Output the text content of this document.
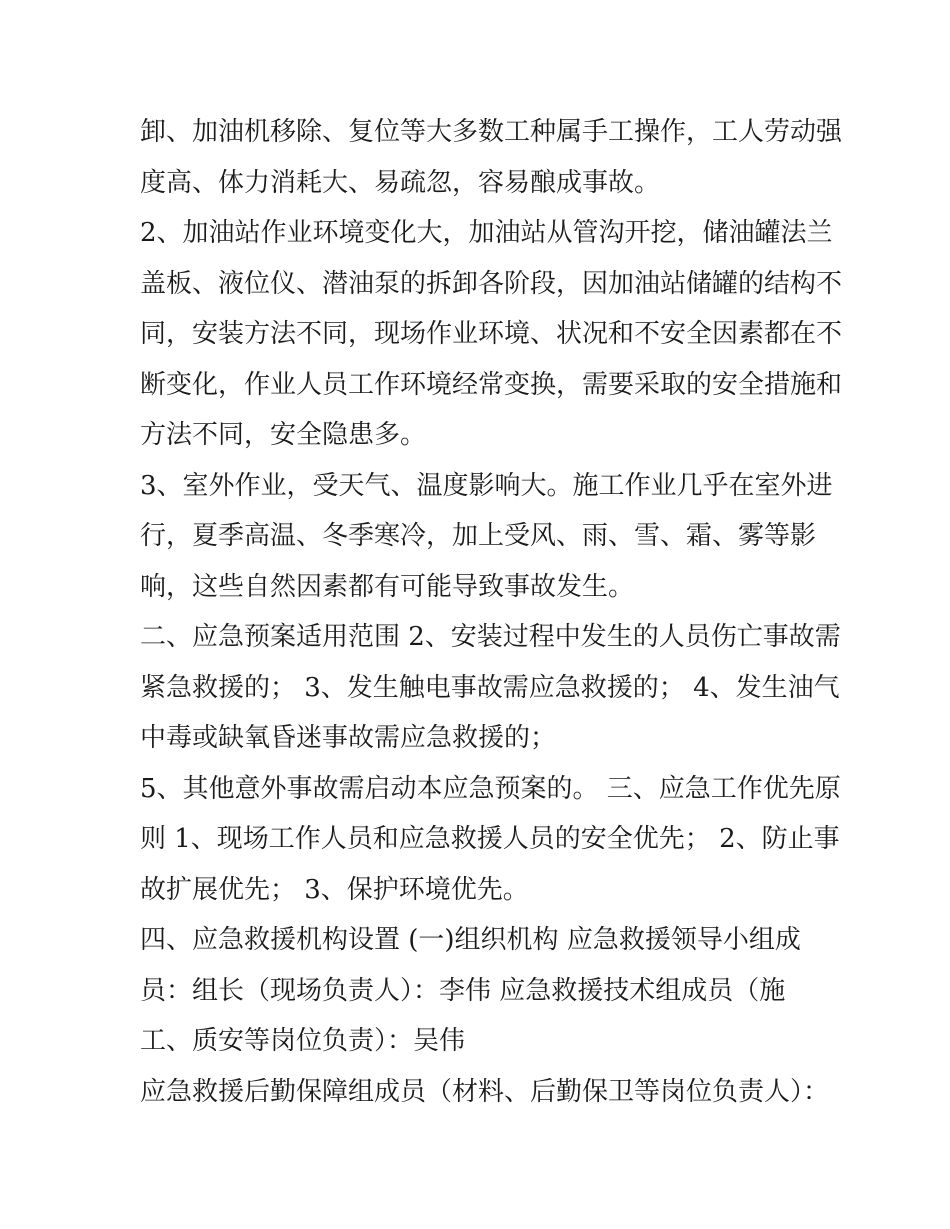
卸、加油机移除、复位等大多数工种属手工操作，工人劳动强
度高、体力消耗大、易疏忽，容易酿成事故。
2、加油站作业环境变化大，加油站从管沟开挖，储油罐法兰
盖板、液位仪、潜油泵的拆卸各阶段，因加油站储罐的结构不
同，安装方法不同，现场作业环境、状况和不安全因素都在不
断变化，作业人员工作环境经常变换，需要采取的安全措施和
方法不同，安全隐患多。
3、室外作业，受天气、温度影响大。施工作业几乎在室外进
行，夏季高温、冬季寒冷，加上受风、雨、雪、霜、雾等影
响，这些自然因素都有可能导致事故发生。
二、应急预案适用范围 2、安装过程中发生的人员伤亡事故需
紧急救援的； 3、发生触电事故需应急救援的； 4、发生油气
中毒或缺氧昏迷事故需应急救援的；
5、其他意外事故需启动本应急预案的。 三、应急工作优先原
则 1、现场工作人员和应急救援人员的安全优先； 2、防止事
故扩展优先； 3、保护环境优先。
四、应急救援机构设置 (一)组织机构 应急救援领导小组成
员：组长（现场负责人）：李伟 应急救援技术组成员（施
工、质安等岗位负责）：吴伟
应急救援后勤保障组成员（材料、后勤保卫等岗位负责人）：
